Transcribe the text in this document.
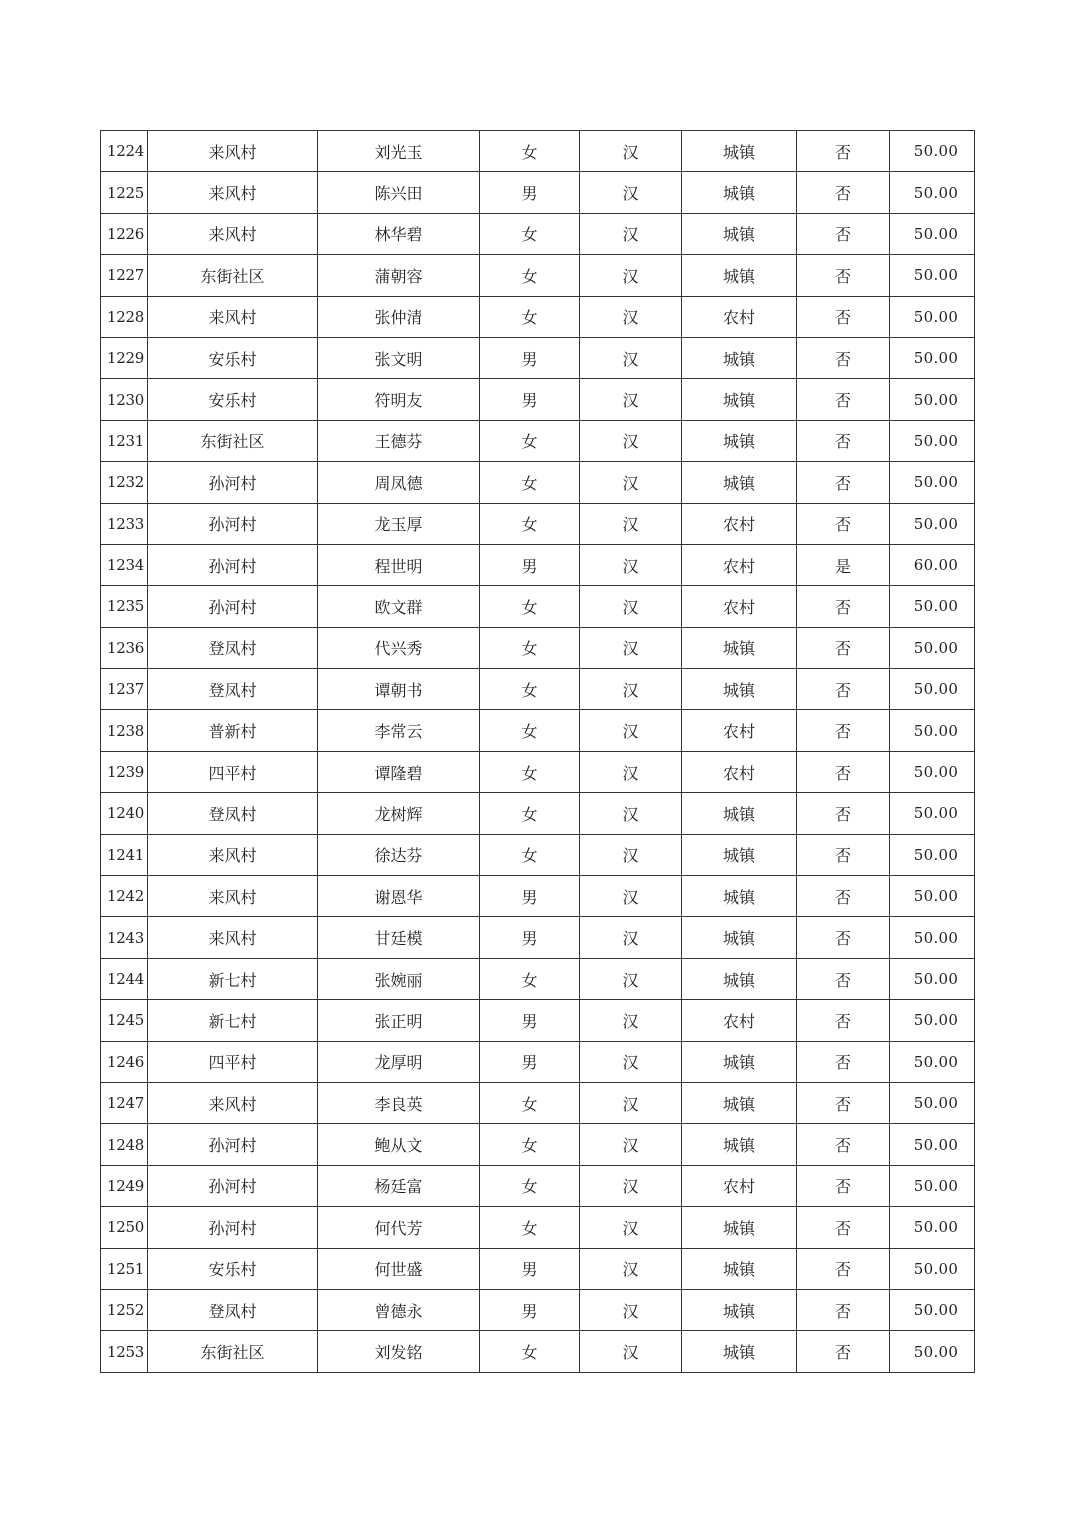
1224	来风村	刘光玉	女	汉	城镇	否	50.00
1225	来风村	陈兴田	男	汉	城镇	否	50.00
1226	来风村	林华碧	女	汉	城镇	否	50.00
1227	东街社区	蒲朝容	女	汉	城镇	否	50.00
1228	来风村	张仲清	女	汉	农村	否	50.00
1229	安乐村	张文明	男	汉	城镇	否	50.00
1230	安乐村	符明友	男	汉	城镇	否	50.00
1231	东街社区	王德芬	女	汉	城镇	否	50.00
1232	孙河村	周凤德	女	汉	城镇	否	50.00
1233	孙河村	龙玉厚	女	汉	农村	否	50.00
1234	孙河村	程世明	男	汉	农村	是	60.00
1235	孙河村	欧文群	女	汉	农村	否	50.00
1236	登凤村	代兴秀	女	汉	城镇	否	50.00
1237	登凤村	谭朝书	女	汉	城镇	否	50.00
1238	普新村	李常云	女	汉	农村	否	50.00
1239	四平村	谭隆碧	女	汉	农村	否	50.00
1240	登凤村	龙树辉	女	汉	城镇	否	50.00
1241	来风村	徐达芬	女	汉	城镇	否	50.00
1242	来风村	谢恩华	男	汉	城镇	否	50.00
1243	来风村	甘廷模	男	汉	城镇	否	50.00
1244	新七村	张婉丽	女	汉	城镇	否	50.00
1245	新七村	张正明	男	汉	农村	否	50.00
1246	四平村	龙厚明	男	汉	城镇	否	50.00
1247	来风村	李良英	女	汉	城镇	否	50.00
1248	孙河村	鲍从文	女	汉	城镇	否	50.00
1249	孙河村	杨廷富	女	汉	农村	否	50.00
1250	孙河村	何代芳	女	汉	城镇	否	50.00
1251	安乐村	何世盛	男	汉	城镇	否	50.00
1252	登凤村	曾德永	男	汉	城镇	否	50.00
1253	东街社区	刘发铭	女	汉	城镇	否	50.00
